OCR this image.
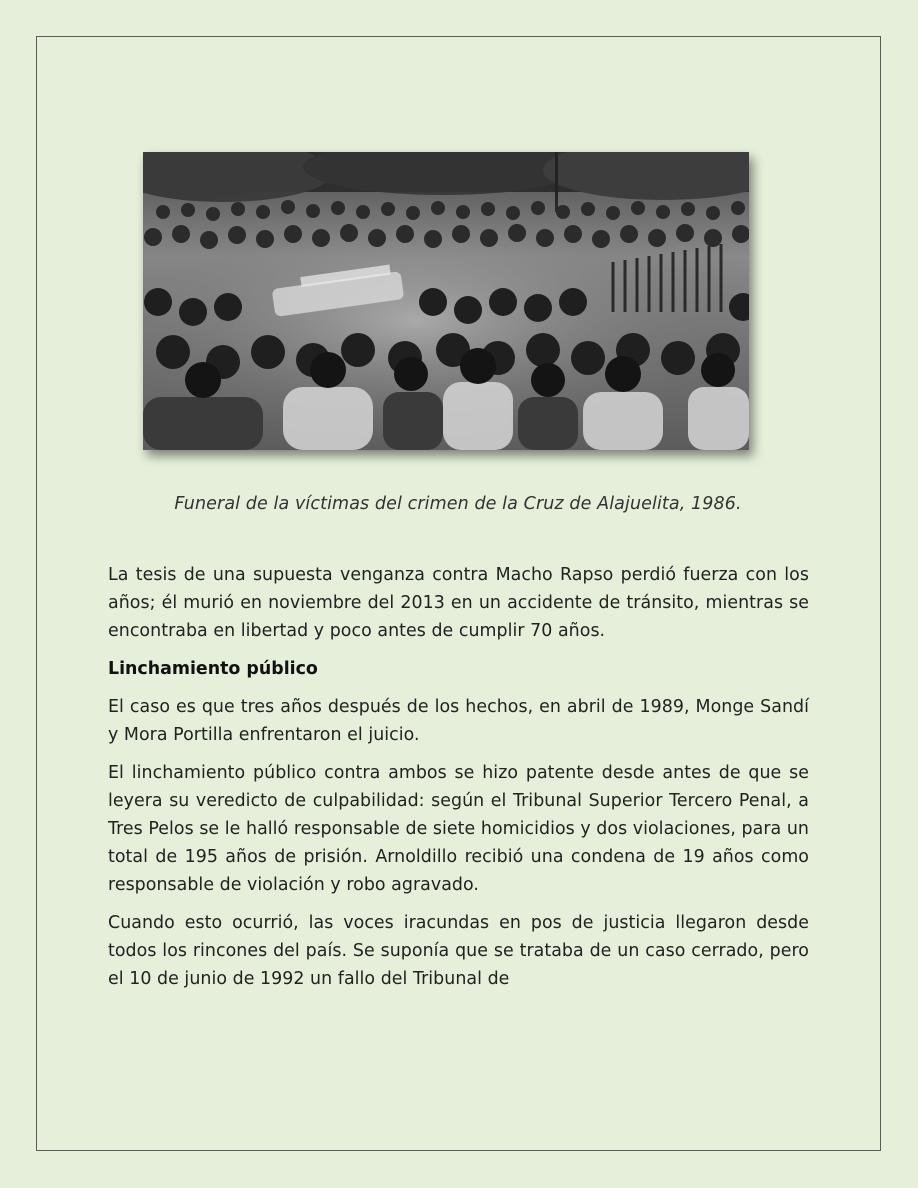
Funeral de la víctimas del crimen de la Cruz de Alajuelita, 1986.

La tesis de una supuesta venganza contra Macho Rapso perdió fuerza con los años; él murió en noviembre del 2013 en un accidente de tránsito, mientras se encontraba en libertad y poco antes de cumplir 70 años.

Linchamiento público

El caso es que tres años después de los hechos, en abril de 1989, Monge Sandí y Mora Portilla enfrentaron el juicio.

El linchamiento público contra ambos se hizo patente desde antes de que se leyera su veredicto de culpabilidad: según el Tribunal Superior Tercero Penal, a Tres Pelos se le halló responsable de siete homicidios y dos violaciones, para un total de 195 años de prisión. Arnoldillo recibió una condena de 19 años como responsable de violación y robo agravado.

Cuando esto ocurrió, las voces iracundas en pos de justicia llegaron desde todos los rincones del país. Se suponía que se trataba de un caso cerrado, pero el 10 de junio de 1992 un fallo del Tribunal de
